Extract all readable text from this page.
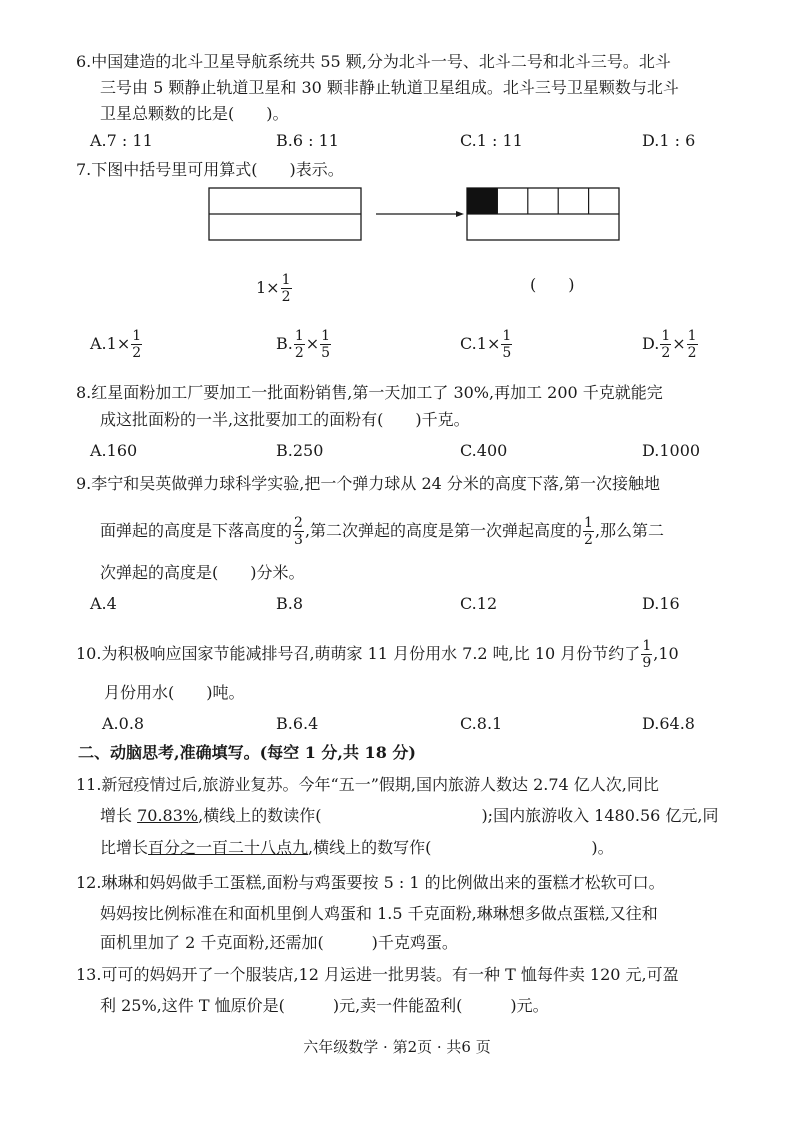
6.中国建造的北斗卫星导航系统共 55 颗,分为北斗一号、北斗二号和北斗三号。北斗
三号由 5 颗静止轨道卫星和 30 颗非静止轨道卫星组成。北斗三号卫星颗数与北斗
卫星总颗数的比是(　　)。
A.7 : 11	B.6 : 11	C.1 : 11	D.1 : 6
7.下图中括号里可用算式(　　)表示。
$1\times \frac{1}{2}$	(　　)
$A.1\times \frac{1}{2}$	B. $\frac{1}{2} \times \frac{1}{5}$	$C.1\times \frac{1}{5}$	D. $\frac{1}{2} \times \frac{1}{2}$
8.红星面粉加工厂要加工一批面粉销售,第一天加工了 30%,再加工 200 千克就能完
成这批面粉的一半,这批要加工的面粉有(　　)千克。
A.160	B.250	C.400	D.1000
9.李宁和吴英做弹力球科学实验,把一个弹力球从 24 分米的高度下落,第一次接触地
面弹起的高度是下落高度的 $\frac{2}{3}$ ,第二次弹起的高度是第一次弹起高度的 $\frac{1}{2}$ ,那么第二
次弹起的高度是(　　)分米。
A.4	B.8	C.12	D.16
10.为积极响应国家节能减排号召,萌萌家 11 月份用水 7.2 吨,比 10 月份节约了 $\frac{1}{9} ,10$
月份用水(　　)吨。
A.0.8	B.6.4	C.8.1	D.64.8
二、动脑思考,准确填写。(每空 1 分,共 18 分)
11.新冠疫情过后,旅游业复苏。今年“五一”假期,国内旅游人数达 2.74 亿人次,同比
增长 70.83%,横线上的数读作(　　　　　　　　　　);国内旅游收入 1480.56 亿元,同
比增长百分之一百二十八点九,横线上的数写作(　　　　　　　　　　)。
12.琳琳和妈妈做手工蛋糕,面粉与鸡蛋要按 5 : 1 的比例做出来的蛋糕才松软可口。
妈妈按比例标准在和面机里倒人鸡蛋和 1.5 千克面粉,琳琳想多做点蛋糕,又往和
面机里加了 2 千克面粉,还需加(　　　)千克鸡蛋。
13.可可的妈妈开了一个服装店,12 月运进一批男装。有一种 T 恤每件卖 120 元,可盈
利 25%,这件 T 恤原价是(　　　)元,卖一件能盈利(　　　)元。
六年级数学 · 第2页 · 共6 页
